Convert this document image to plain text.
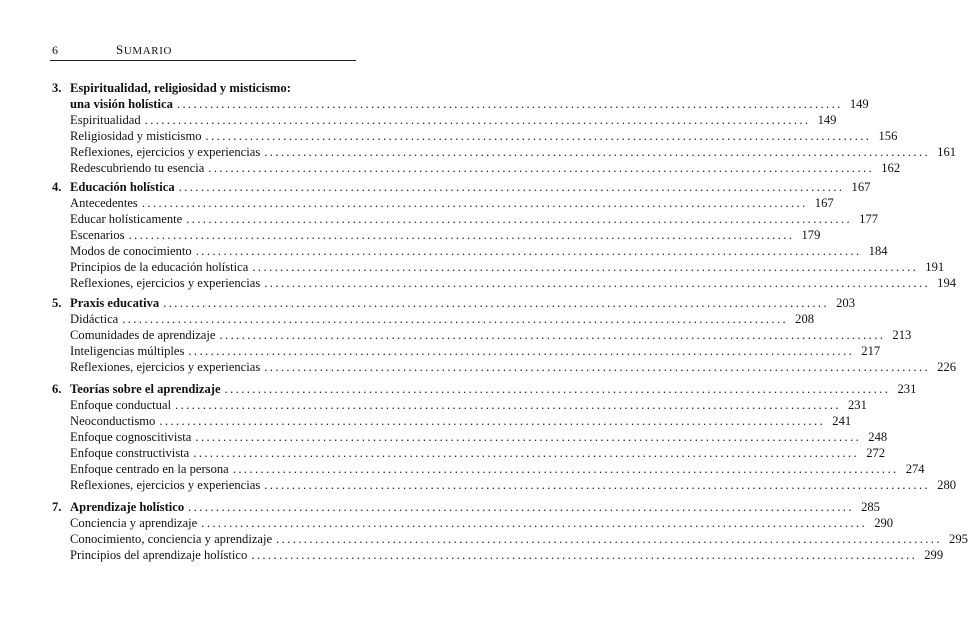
6	SUMARIO
3. Espiritualidad, religiosidad y misticismo:
una visión holística ........................................................................................................................ 149
Espiritualidad ........................................................................................................................ 149
Religiosidad y misticismo ........................................................................................................................ 156
Reflexiones, ejercicios y experiencias ........................................................................................................................ 161
Redescubriendo tu esencia ........................................................................................................................ 162
4. Educación holística ........................................................................................................................ 167
Antecedentes ........................................................................................................................ 167
Educar holísticamente ........................................................................................................................ 177
Escenarios ........................................................................................................................ 179
Modos de conocimiento ........................................................................................................................ 184
Principios de la educación holística ........................................................................................................................ 191
Reflexiones, ejercicios y experiencias ........................................................................................................................ 194
5. Praxis educativa ........................................................................................................................ 203
Didáctica ........................................................................................................................ 208
Comunidades de aprendizaje ........................................................................................................................ 213
Inteligencias múltiples ........................................................................................................................ 217
Reflexiones, ejercicios y experiencias ........................................................................................................................ 226
6. Teorías sobre el aprendizaje ........................................................................................................................ 231
Enfoque conductual ........................................................................................................................ 231
Neoconductismo ........................................................................................................................ 241
Enfoque cognoscitivista ........................................................................................................................ 248
Enfoque constructivista ........................................................................................................................ 272
Enfoque centrado en la persona ........................................................................................................................ 274
Reflexiones, ejercicios y experiencias ........................................................................................................................ 280
7. Aprendizaje holístico ........................................................................................................................ 285
Conciencia y aprendizaje ........................................................................................................................ 290
Conocimiento, conciencia y aprendizaje ........................................................................................................................ 295
Principios del aprendizaje holístico ........................................................................................................................ 299
